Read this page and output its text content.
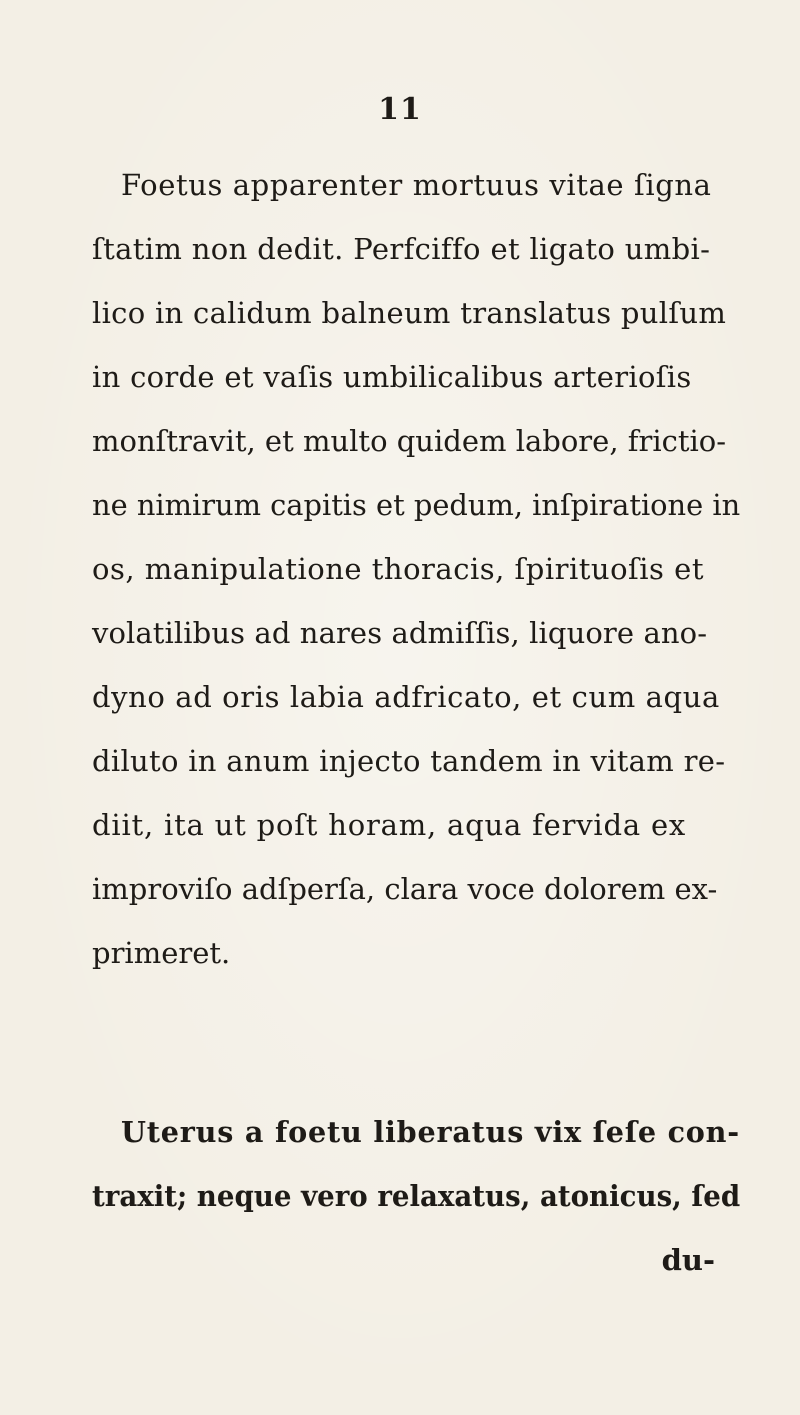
11
Foetus apparenter mortuus vitae ſigna
ſtatim non dedit. Perfciffo et ligato umbi-
lico in calidum balneum translatus pulſum
in corde et vaſis umbilicalibus arterioſis
monſtravit, et multo quidem labore, frictio-
ne nimirum capitis et pedum, inſpiratione in
os, manipulatione thoracis, ſpirituoſis et
volatilibus ad nares admiſſis, liquore ano-
dyno ad oris labia adfricato, et cum aqua
diluto in anum injecto tandem in vitam re-
diit, ita ut poſt horam, aqua fervida ex
improviſo adſperſa, clara voce dolorem ex-
primeret.
Uterus a foetu liberatus vix ſeſe con-
traxit; neque vero relaxatus, atonicus, ſed
du-
